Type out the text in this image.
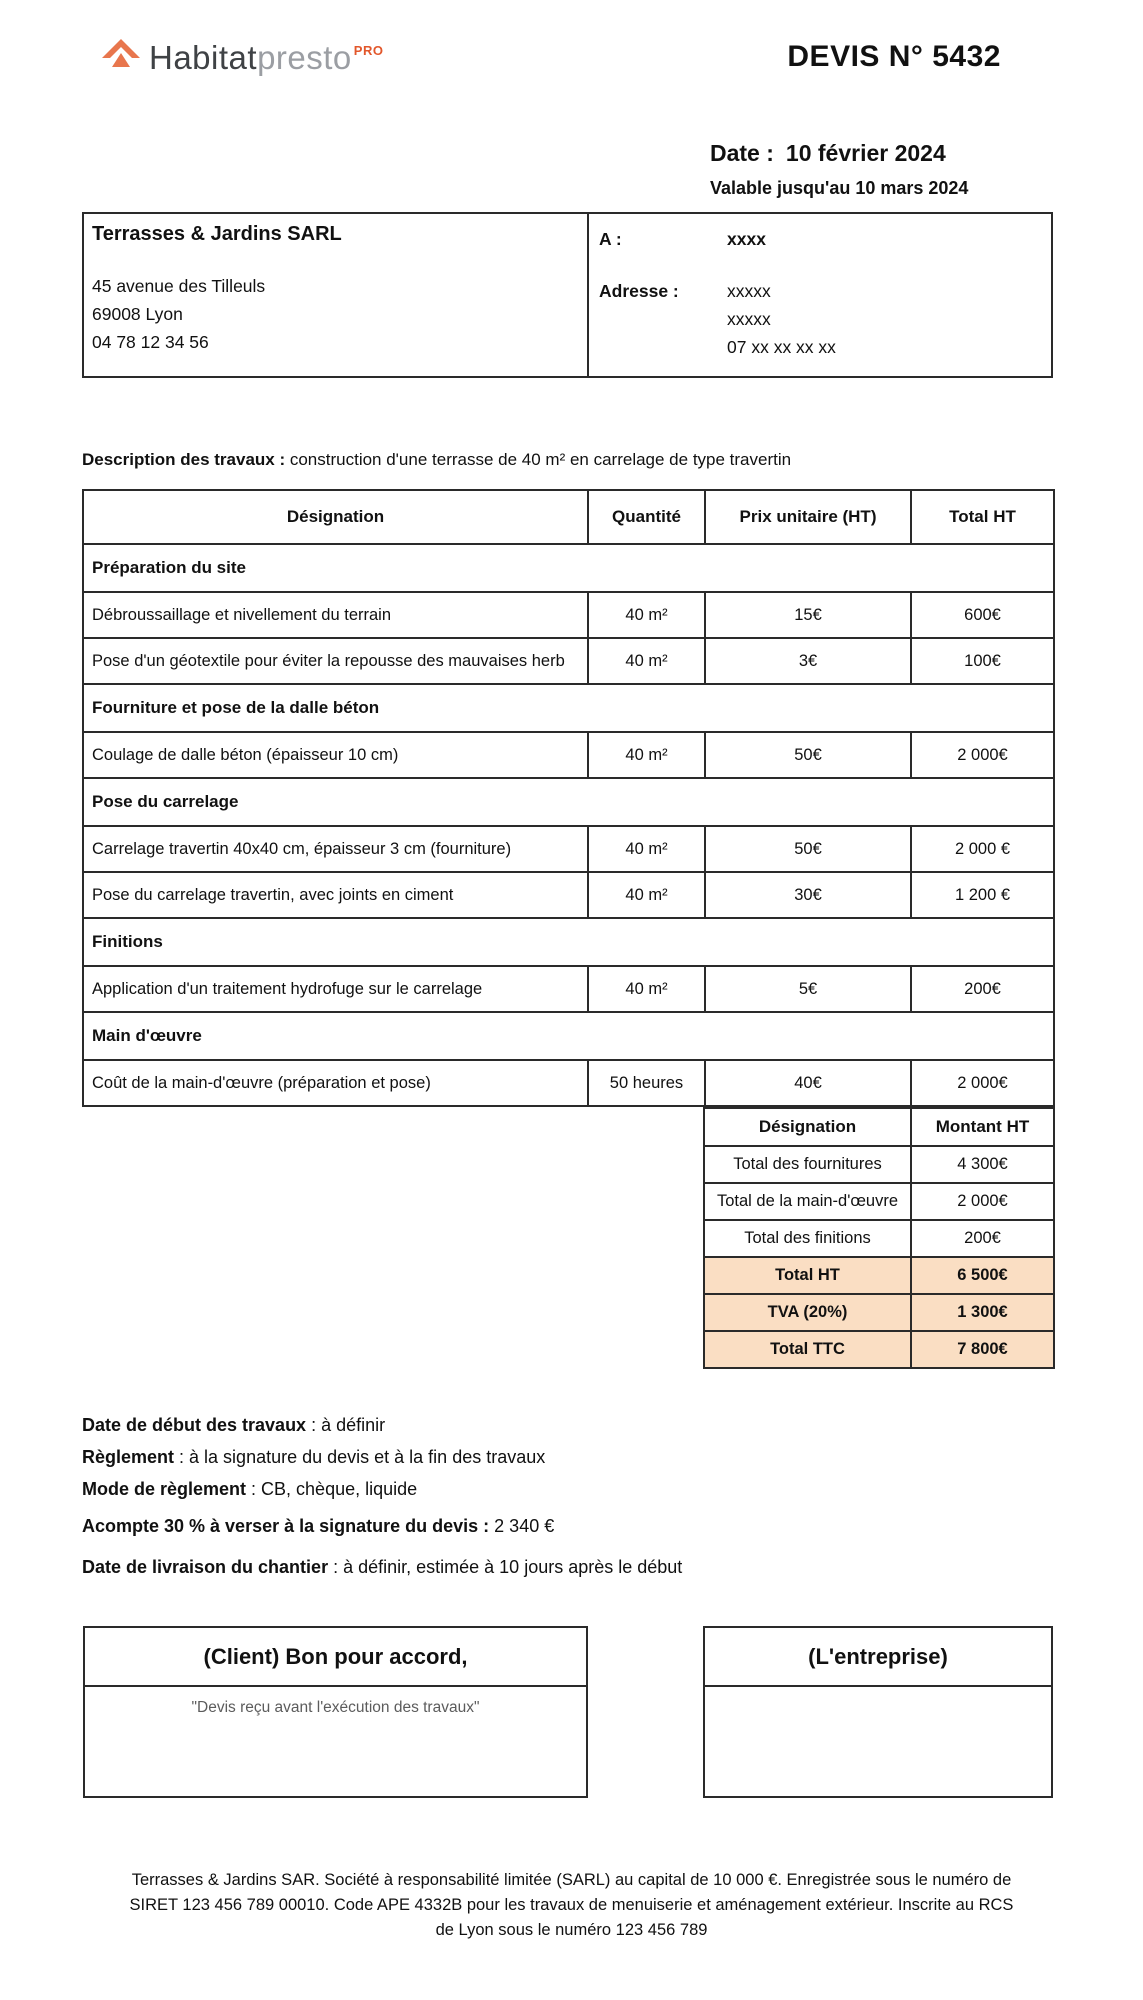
Habitatpresto $^{PRO}$	DEVIS N° 5432
Date : 10 février 2024
Valable jusqu'au 10 mars 2024
Terrasses & Jardins SARL
45 avenue des Tilleuls
69008 Lyon
04 78 12 34 56
A :	xxxx
Adresse :	xxxxx
xxxxx
07 xx xx xx xx
Description des travaux : construction d'une terrasse de 40 m² en carrelage de type travertin
Désignation	Quantité	Prix unitaire (HT)	Total HT
Préparation du site			
Débroussaillage et nivellement du terrain	40 m²	15€	600€
Pose d'un géotextile pour éviter la repousse des mauvaises herb	40 m²	3€	100€
Fourniture et pose de la dalle béton			
Coulage de dalle béton (épaisseur 10 cm)	40 m²	50€	2 000€
Pose du carrelage			
Carrelage travertin 40x40 cm, épaisseur 3 cm (fourniture)	40 m²	50€	2 000 €
Pose du carrelage travertin, avec joints en ciment	40 m²	30€	1 200 €
Finitions			
Application d'un traitement hydrofuge sur le carrelage	40 m²	5€	200€
Main d'œuvre			
Coût de la main-d'œuvre (préparation et pose)	50 heures	40€	2 000€
Désignation	Montant HT
Total des fournitures	4 300€
Total de la main-d'œuvre	2 000€
Total des finitions	200€
Total HT	6 500€
TVA (20%)	1 300€
Total TTC	7 800€
Date de début des travaux : à définir
Règlement : à la signature du devis et à la fin des travaux
Mode de règlement : CB, chèque, liquide
Acompte 30 % à verser à la signature du devis : 2 340 €
Date de livraison du chantier : à définir, estimée à 10 jours après le début
(Client) Bon pour accord,
"Devis reçu avant l'exécution des travaux"
(L'entreprise)
Terrasses & Jardins SAR. Société à responsabilité limitée (SARL) au capital de 10 000 €. Enregistrée sous le numéro de
SIRET 123 456 789 00010. Code APE 4332B pour les travaux de menuiserie et aménagement extérieur. Inscrite au RCS
de Lyon sous le numéro 123 456 789
